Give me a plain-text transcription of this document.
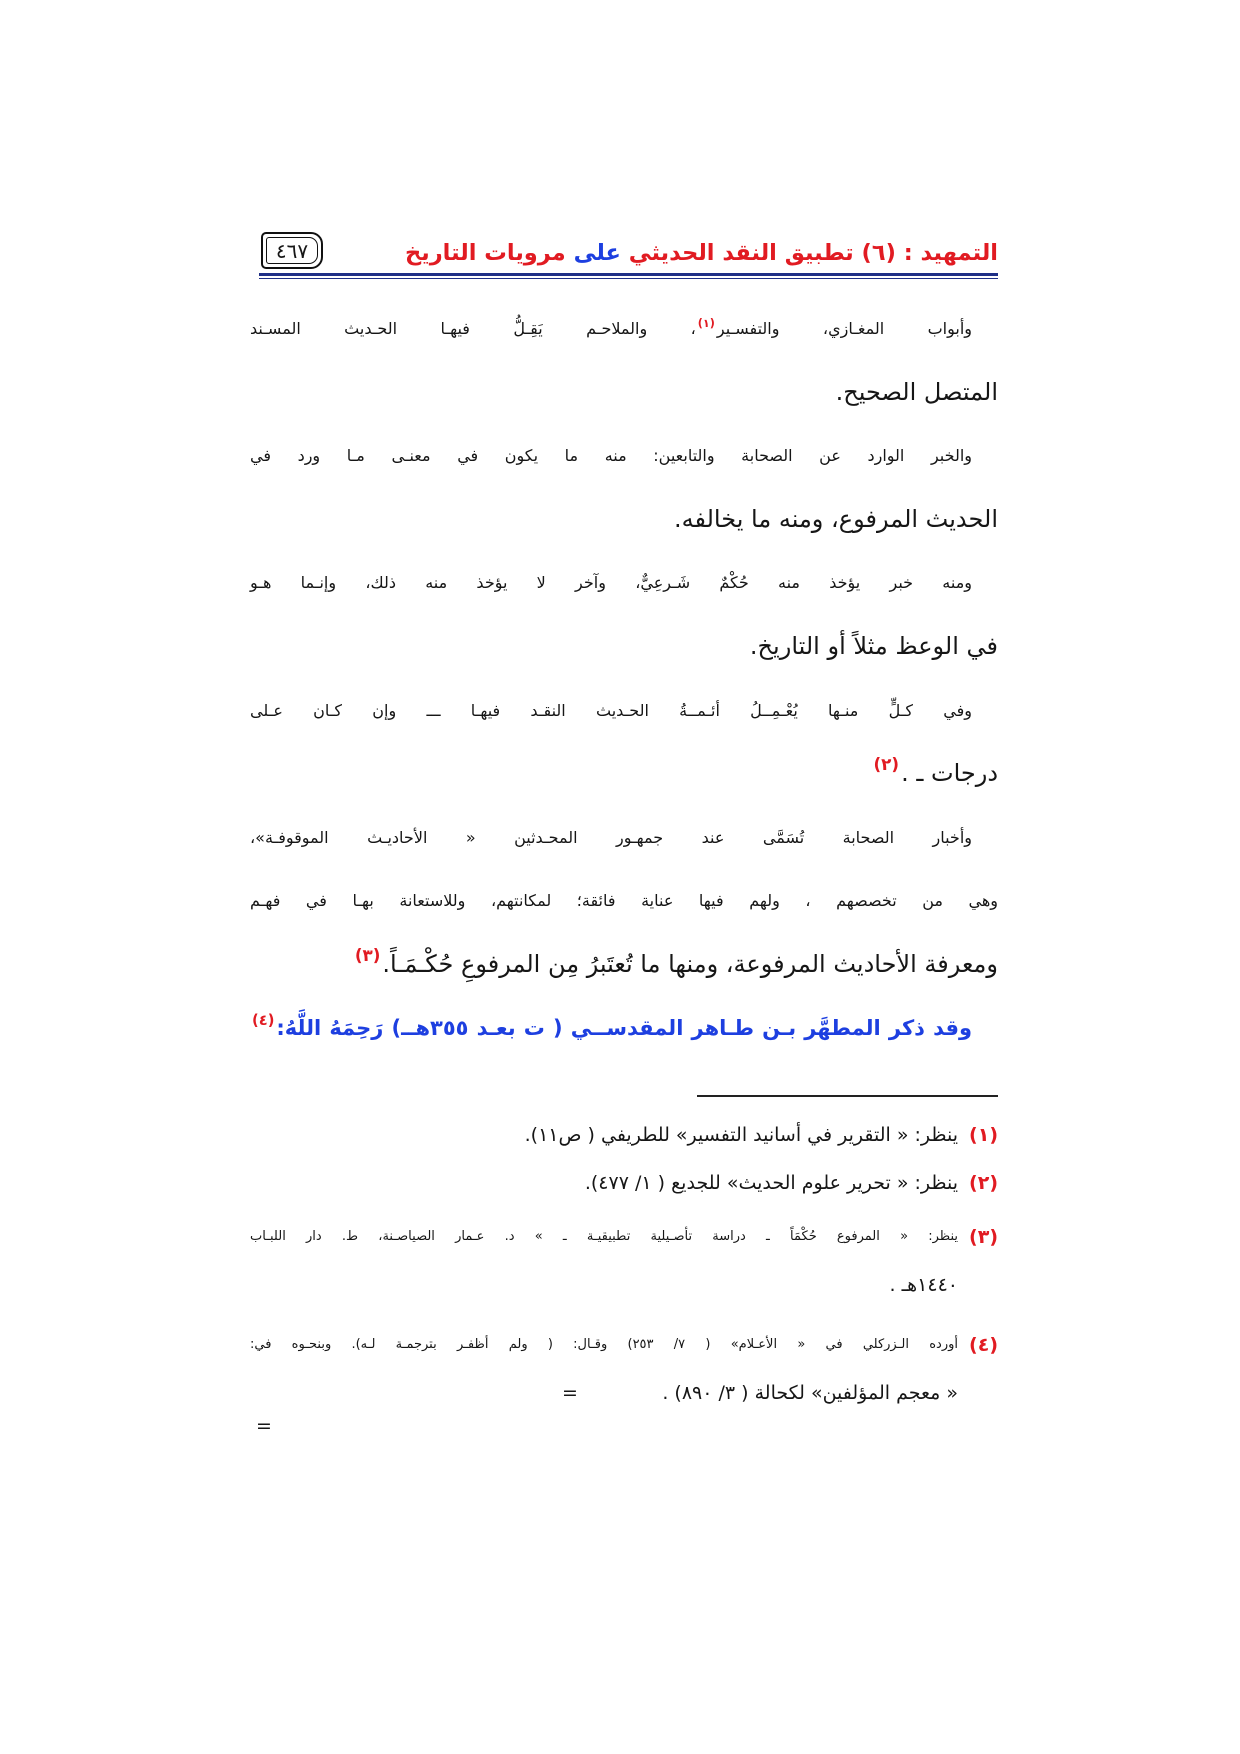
٤٦٧	التمهيد : (٦) تطبيق النقد الحديثي على مرويات التاريخ
وأبواب المغـازي، والتفسـير$^{(١)}$، والملاحـم يَقِـلُّ فيهـا الحـديث المسـند
المتصل الصحيح.
والخبر الوارد عن الصحابة والتابعين: منه ما يكون في معنـى مـا ورد في
الحديث المرفوع، ومنه ما يخالفه.
ومنه خبر يؤخذ منه حُكْمٌ شَـرعِيٌّ، وآخر لا يؤخذ منه ذلك، وإنـما هـو
في الوعظ مثلاً أو التاريخ.
وفي كـلٍّ منـها يُعْـمِــلُ أئـمــةُ الحـديث النقـد فيهـا ـــ وإن كـان عـلى
درجات ـ .$^{(٢)}$
وأخبار الصحابة تُسَمَّى عند جمهـور المحـدثين « الأحاديـث الموقوفـة»،
وهي من تخصصهم ، ولهم فيها عناية فائقة؛ لمكانتهم، وللاستعانة بهـا في فهـم
ومعرفة الأحاديث المرفوعة، ومنها ما تُعتَبرُ مِن المرفوعِ حُكْـمَـاً.$^{(٣)}$
وقد ذكر المطهَّر بـن طـاهر المقدســي ( ت بعـد ٣٥٥هــ) رَحِمَهُ اللَّهُ:$^{(٤)}$
(١)
ينظر: « التقرير في أسانيد التفسير» للطريفي ( ص١١).
(٢)
ينظر: « تحرير علوم الحديث» للجديع ( ١/ ٤٧٧).
(٣)
ينظر: « المرفوع حُكْمَاً ـ دراسة تأصـيلية تطبيقيـة ـ » د. عـمار الصياصـنة، ط. دار اللبـاب
١٤٤٠هـ .
(٤)
أورده الـزركلي في « الأعـلام» ( ٧/ ٢٥٣) وقـال: ( ولم أظفـر بترجمـة لـه). وبنحـوه في:
« معجم المؤلفين» لكحالة ( ٣/ ٨٩٠) .
=
=
